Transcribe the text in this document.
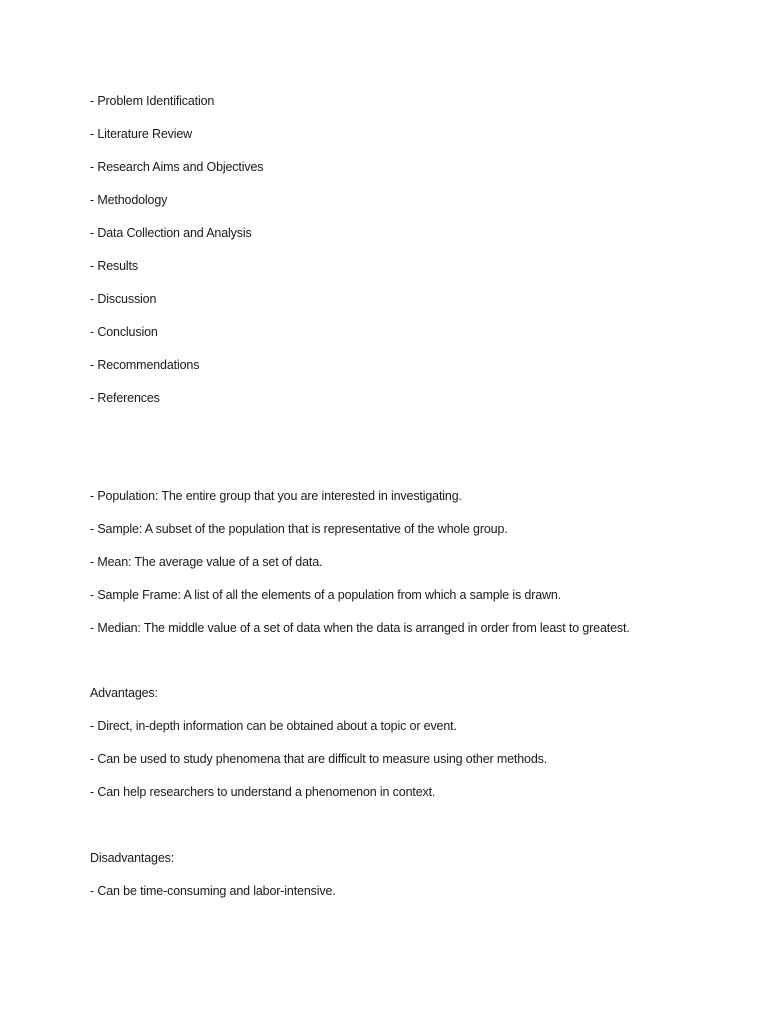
- Problem Identification
- Literature Review
- Research Aims and Objectives
- Methodology
- Data Collection and Analysis
- Results
- Discussion
- Conclusion
- Recommendations
- References
- Population: The entire group that you are interested in investigating.
- Sample: A subset of the population that is representative of the whole group.
- Mean: The average value of a set of data.
- Sample Frame: A list of all the elements of a population from which a sample is drawn.
- Median: The middle value of a set of data when the data is arranged in order from least to greatest.

Advantages:

- Direct, in-depth information can be obtained about a topic or event.

- Can be used to study phenomena that are difficult to measure using other methods.

- Can help researchers to understand a phenomenon in context.

Disadvantages:

- Can be time-consuming and labor-intensive.
